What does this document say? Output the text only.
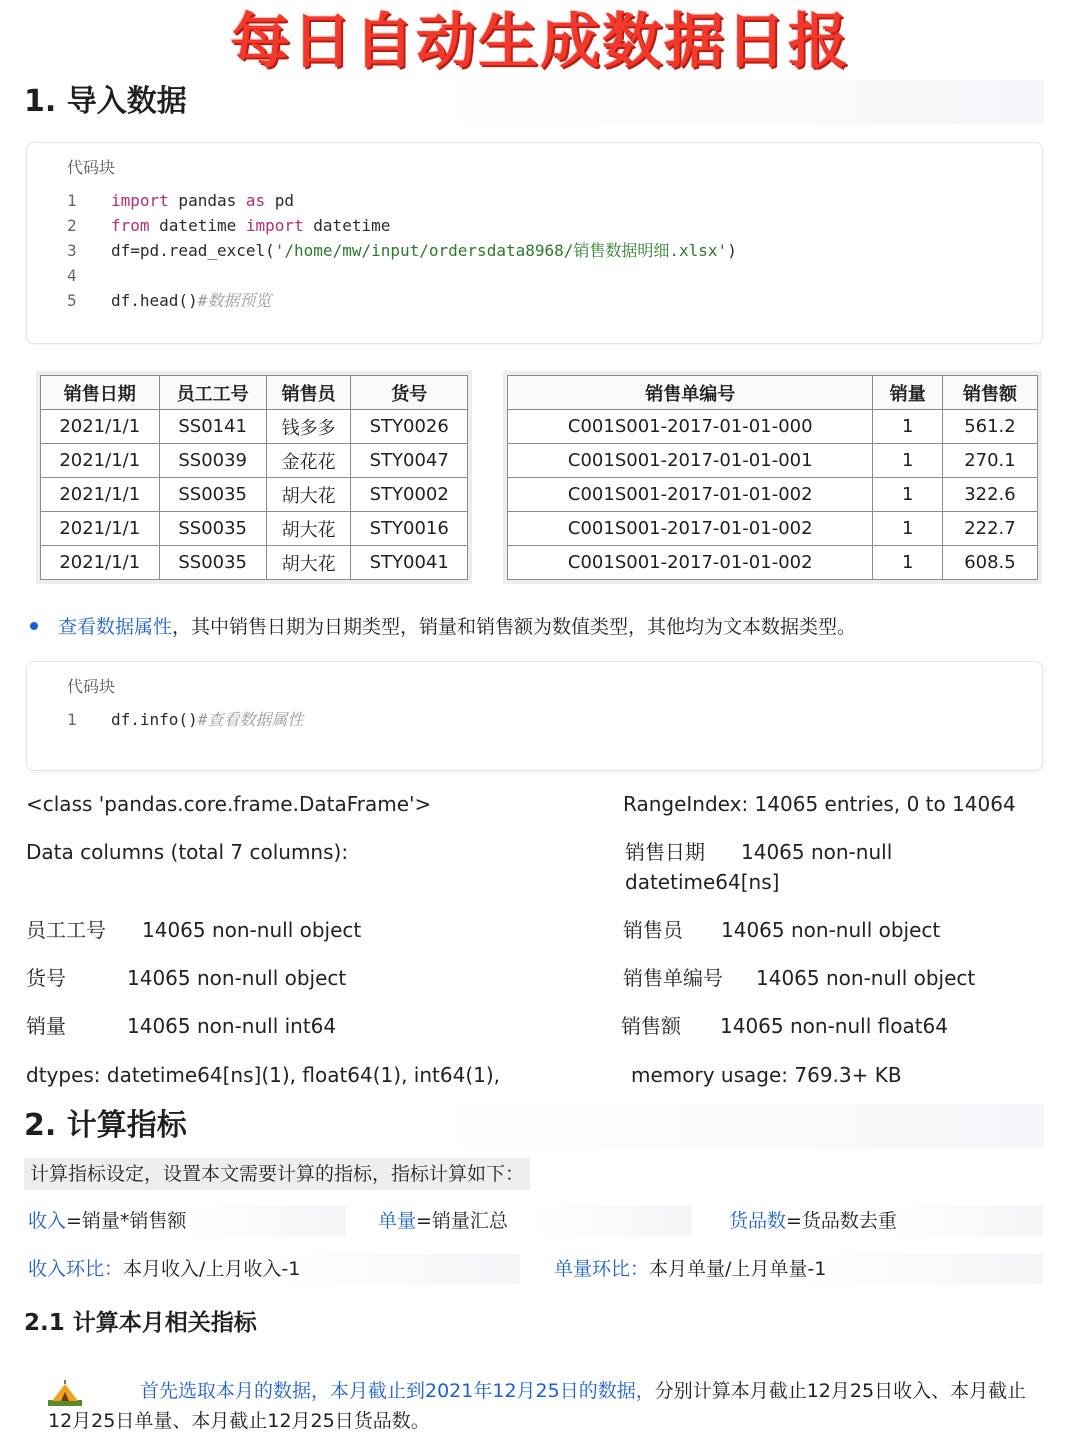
每日自动生成数据日报
1. 导入数据
代码块
1 import pandas as pd
2 from datetime import datetime
3 df=pd.read_excel('/home/mw/input/ordersdata8968/销售数据明细.xlsx')
4
5 df.head()#数据预览
销售日期	员工工号	销售员	货号
2021/1/1	SS0141	钱多多	STY0026
2021/1/1	SS0039	金花花	STY0047
2021/1/1	SS0035	胡大花	STY0002
2021/1/1	SS0035	胡大花	STY0016
2021/1/1	SS0035	胡大花	STY0041
销售单编号	销量	销售额
C001S001-2017-01-01-000	1	561.2
C001S001-2017-01-01-001	1	270.1
C001S001-2017-01-01-002	1	322.6
C001S001-2017-01-01-002	1	222.7
C001S001-2017-01-01-002	1	608.5
查看数据属性，其中销售日期为日期类型，销量和销售额为数值类型，其他均为文本数据类型。
代码块
1 df.info()#查看数据属性
<class 'pandas.core.frame.DataFrame'>	RangeIndex: 14065 entries, 0 to 14064
Data columns (total 7 columns):	销售日期 14065 non-null
datetime64[ns]
员工工号 14065 non-null object	销售员 14065 non-null object
货号	14065 non-null object	销售单编号 14065 non-null object
销量	14065 non-null int64	销售额 14065 non-null float64
dtypes: datetime64[ns](1), float64(1), int64(1),	memory usage: 769.3+ KB
2. 计算指标
计算指标设定，设置本文需要计算的指标，指标计算如下：
收入=销量*销售额	单量=销量汇总	货品数=货品数去重
收入环比：本月收入/上月收入-1	单量环比：本月单量/上月单量-1
2.1 计算本月相关指标
首先选取本月的数据，本月截止到2021年12月25日的数据，分别计算本月截止12月25日收入、本月截止12月25日单量、本月截止12月25日货品数。
